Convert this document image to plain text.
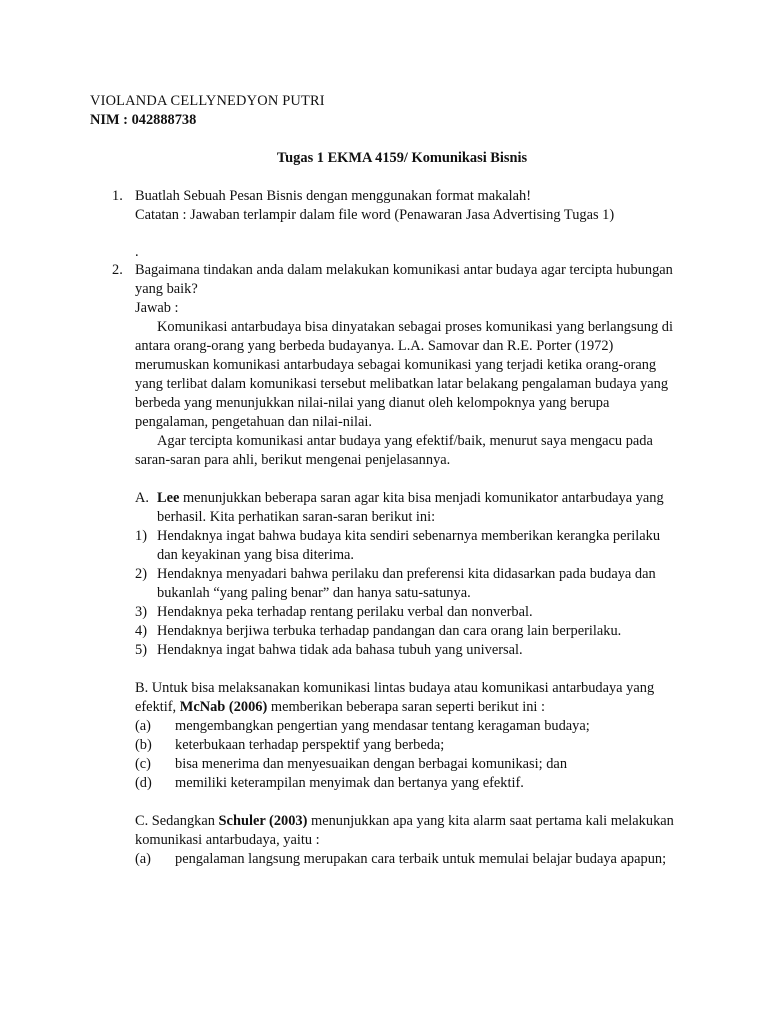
VIOLANDA CELLYNEDYON PUTRI
NIM : 042888738
Tugas 1 EKMA 4159/ Komunikasi Bisnis
1. Buatlah Sebuah Pesan Bisnis dengan menggunakan format makalah!
Catatan : Jawaban terlampir dalam file word (Penawaran Jasa Advertising Tugas 1)
.
2. Bagaimana tindakan anda dalam melakukan komunikasi antar budaya agar tercipta hubungan yang baik?
Jawab :
Komunikasi antarbudaya bisa dinyatakan sebagai proses komunikasi yang berlangsung di antara orang-orang yang berbeda budayanya. L.A. Samovar dan R.E. Porter (1972) merumuskan komunikasi antarbudaya sebagai komunikasi yang terjadi ketika orang-orang yang terlibat dalam komunikasi tersebut melibatkan latar belakang pengalaman budaya yang berbeda yang menunjukkan nilai-nilai yang dianut oleh kelompoknya yang berupa pengalaman, pengetahuan dan nilai-nilai.
Agar tercipta komunikasi antar budaya yang efektif/baik, menurut saya mengacu pada saran-saran para ahli, berikut mengenai penjelasannya.
A. Lee menunjukkan beberapa saran agar kita bisa menjadi komunikator antarbudaya yang berhasil. Kita perhatikan saran-saran berikut ini:
1) Hendaknya ingat bahwa budaya kita sendiri sebenarnya memberikan kerangka perilaku dan keyakinan yang bisa diterima.
2) Hendaknya menyadari bahwa perilaku dan preferensi kita didasarkan pada budaya dan bukanlah “yang paling benar” dan hanya satu-satunya.
3) Hendaknya peka terhadap rentang perilaku verbal dan nonverbal.
4) Hendaknya berjiwa terbuka terhadap pandangan dan cara orang lain berperilaku.
5) Hendaknya ingat bahwa tidak ada bahasa tubuh yang universal.
B. Untuk bisa melaksanakan komunikasi lintas budaya atau komunikasi antarbudaya yang efektif, McNab (2006) memberikan beberapa saran seperti berikut ini :
(a) mengembangkan pengertian yang mendasar tentang keragaman budaya;
(b) keterbukaan terhadap perspektif yang berbeda;
(c) bisa menerima dan menyesuaikan dengan berbagai komunikasi; dan
(d) memiliki keterampilan menyimak dan bertanya yang efektif.
C. Sedangkan Schuler (2003) menunjukkan apa yang kita alarm saat pertama kali melakukan komunikasi antarbudaya, yaitu :
(a) pengalaman langsung merupakan cara terbaik untuk memulai belajar budaya apapun;
